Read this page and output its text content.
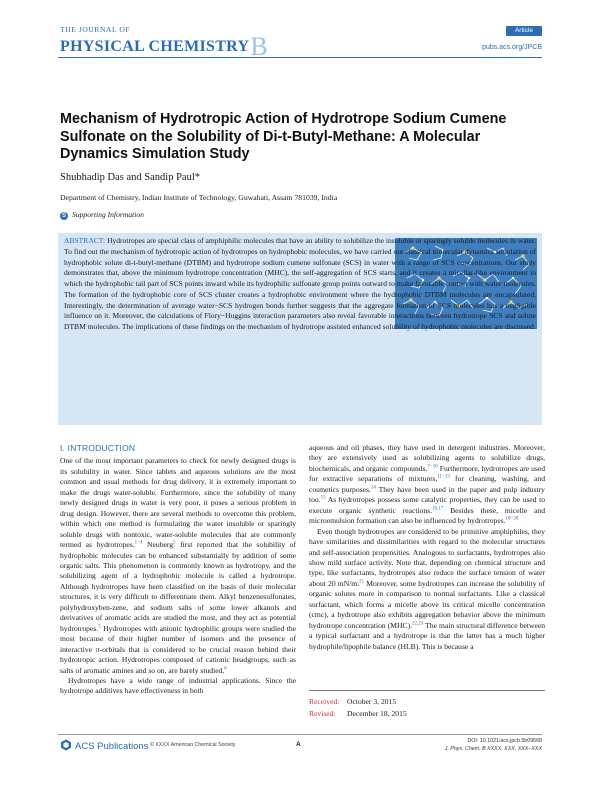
THE JOURNAL OF
PHYSICAL CHEMISTRYB
Article
pubs.acs.org/JPCB
Mechanism of Hydrotropic Action of Hydrotrope Sodium Cumene Sulfonate on the Solubility of Di-t-Butyl-Methane: A Molecular Dynamics Simulation Study
Shubhadip Das and Sandip Paul*
Department of Chemistry, Indian Institute of Technology, Guwahati, Assam 781039, India
S Supporting Information
ABSTRACT: Hydrotropes are special class of amphiphilic molecules that have an ability to solubilize the insoluble or sparingly soluble molecules in water. To find out the mechanism of hydrotropic action of hydrotropes on hydrophobic molecules, we have carried out classical molecular dynamics simulation of hydrophobic solute di-t-butyl-methane (DTBM) and hydrotrope sodium cumene sulfonate (SCS) in water with a range of SCS concentrations. Our study demonstrates that, above the minimum hydrotrope concentration (MHC), the self-aggregation of SCS starts, and it creates a micellar-like environment in which the hydrophobic tail part of SCS points inward while its hydrophilic sulfonate group points outward to make favorable contact with water molecules. The formation of the hydrophobic core of SCS cluster creates a hydrophobic environment where the hydrophobic DTBM molecules are encapsulated. Interestingly, the determination of average water−SCS hydrogen bonds further suggests that the aggregate formation of SCS molecules has a negligible influence on it. Moreover, the calculations of Flory−Huggins interaction parameters also reveal favorable interactions between hydrotrope SCS and solute DTBM molecules. The implications of these findings on the mechanism of hydrotrope assisted enhanced solubility of hydrophobic molecules are discussed.
I. INTRODUCTION

One of the most important parameters to check for newly designed drugs is its solubility in water. Since tablets and aqueous solutions are the most common and usual methods for drug delivery, it is extremely important to make the drugs water-soluble. Furthermore, since the solubility of many newly designed drugs in water is very poor, it poses a serious problem in drug design. However, there are several methods to overcome this problem, within which one method is formulating the water insoluble or sparingly soluble drugs with nontoxic, water-soluble molecules that are commonly termed as hydrotropes.$^{1-4}$ Neuberg$^5$ first reported that the solubility of hydrophobic molecules can be enhanced substantially by addition of some organic salts. This phenomenon is commonly known as hydrotropy, and the solubilizing agent of a hydrophobic molecule is called a hydrotrope. Although hydrotropes have been classified on the basis of their molecular structures, it is very difficult to differentiate them. Alkyl benzenesulfonates, polyhydroxyben-zene, and sodium salts of some lower alkanols and derivatives of aromatic acids are studied the most, and they act as potential hydrotropes.$^5$ Hydrotropes with anionic hydrophilic groups were studied the most because of their higher number of isomers and the presence of interactive π-orbitals that is considered to be crucial reason behind their hydrotropic action. Hydrotropes composed of cationic headgroups, such as salts of aromatic amines and so on, are barely studied.$^6$

Hydrotropes have a wide range of industrial applications. Since the hydrotrope additives have effectiveness in both

aqueous and oil phases, they have used in detergent industries. Moreover, they are extensively used as solubilizing agents to solubilize drugs, biochemicals, and organic compounds.$^{7-10}$ Furthermore, hydrotropes are used for extractive separations of mixtures,$^{11-13}$ for cleaning, washing, and cosmetics purposes.$^{14}$ They have been used in the paper and pulp industry too.$^{15}$ As hydrotropes possess some catalytic properties, they can be used to execute organic synthetic reactions.$^{16,17}$ Besides these, micelle and microemulsion formation can also be influenced by hydrotropes.$^{18-20}$

Even though hydrotropes are considered to be primitive amphiphiles, they have similarities and dissimilarities with regard to the molecular structures and self-association propensities. Analogous to surfactants, hydrotropes also show mild surface activity. Note that, depending on chemical structure and type, like surfactants, hydrotropes also reduce the surface tension of water about 20 mN/m.$^{21}$ Moreover, some hydrotropes can increase the solubility of organic solutes more in comparison to normal surfactants. Like a classical surfactant, which forms a micelle above its critical micelle concentration (cmc), a hydrotrope also exhibits aggregation behavior above the minimum hydrotrope concentration (MHC).$^{22,23}$ The main structural difference between a typical surfactant and a hydrotrope is that the latter has a much higher hydrophile/lipophile balance (HLB). This is because a

Received: October 3, 2015
Revised: December 18, 2015
ACS Publications © XXXX American Chemical Society	A	DOI: 10.1021/acs.jpcb.5b09668
J. Phys. Chem. B XXXX, XXX, XXX−XXX
